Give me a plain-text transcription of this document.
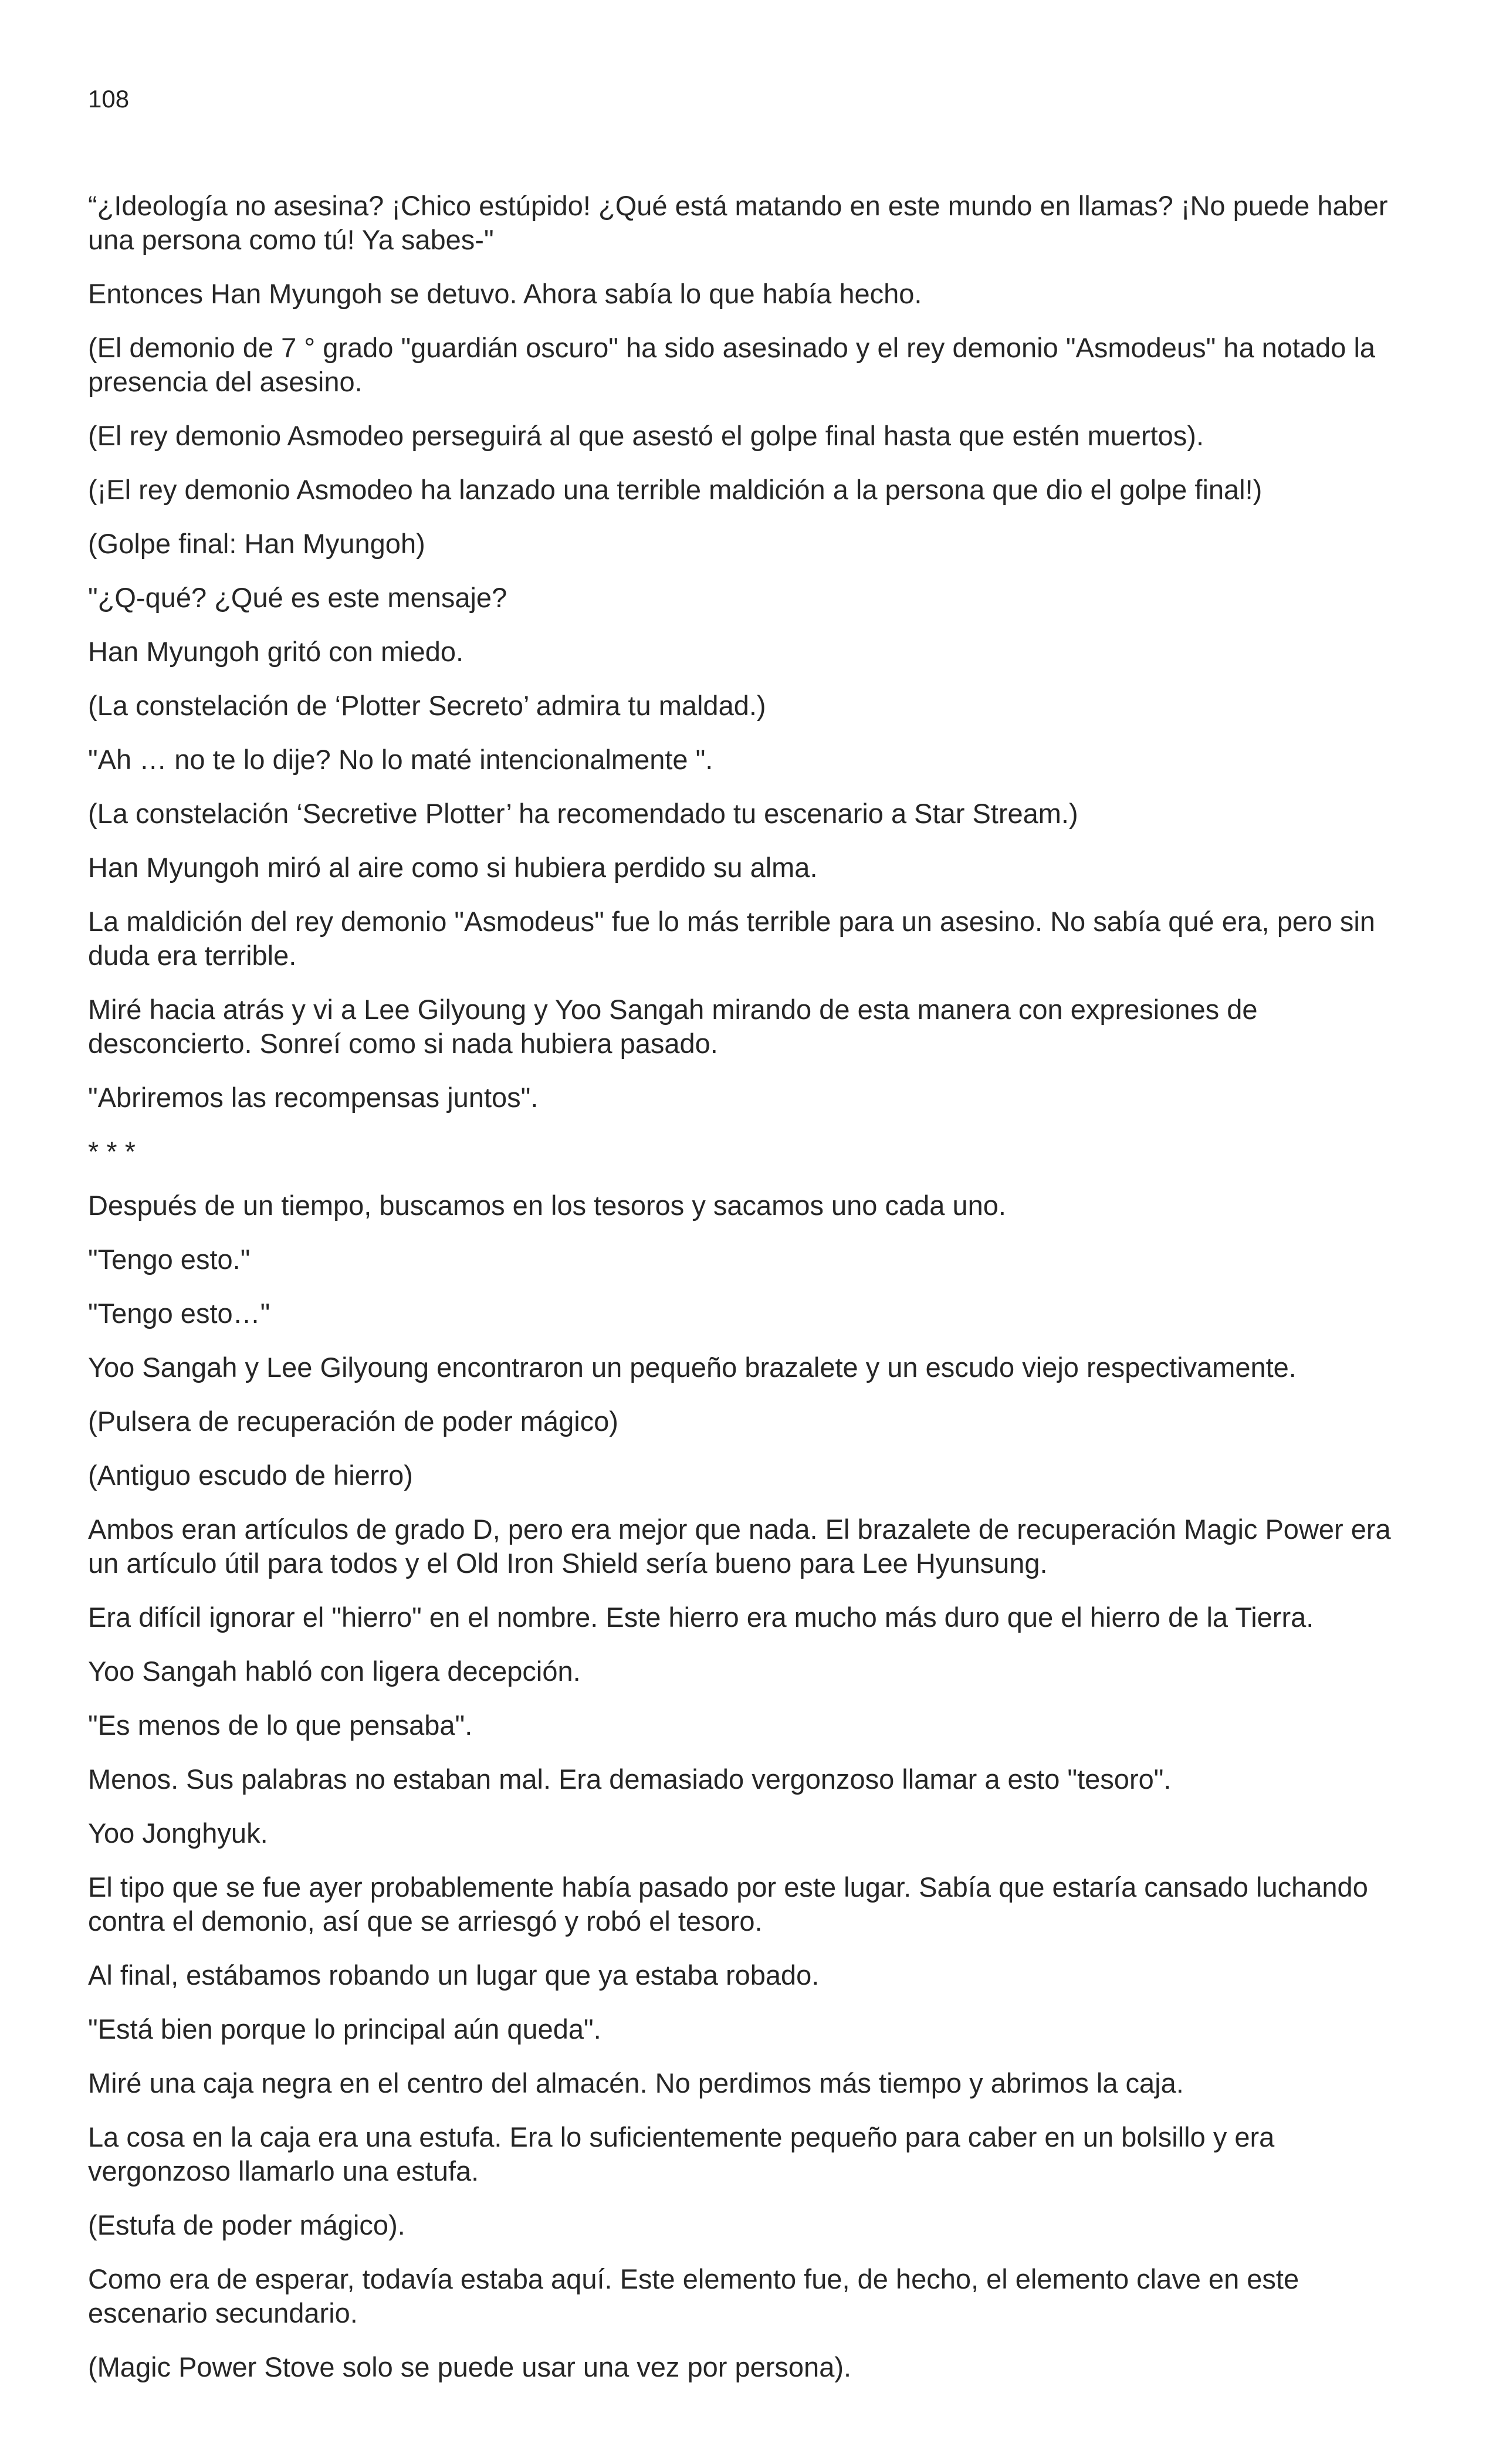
108

“¿Ideología no asesina? ¡Chico estúpido! ¿Qué está matando en este mundo en llamas? ¡No puede haber una persona como tú! Ya sabes-"

Entonces Han Myungoh se detuvo. Ahora sabía lo que había hecho.

(El demonio de 7 ° grado "guardián oscuro" ha sido asesinado y el rey demonio "Asmodeus" ha notado la presencia del asesino.

(El rey demonio Asmodeo perseguirá al que asestó el golpe final hasta que estén muertos).

(¡El rey demonio Asmodeo ha lanzado una terrible maldición a la persona que dio el golpe final!)

(Golpe final: Han Myungoh)

"¿Q-qué? ¿Qué es este mensaje?

Han Myungoh gritó con miedo.

(La constelación de ‘Plotter Secreto’ admira tu maldad.)

"Ah … no te lo dije? No lo maté intencionalmente ".

(La constelación ‘Secretive Plotter’ ha recomendado tu escenario a Star Stream.)

Han Myungoh miró al aire como si hubiera perdido su alma.

La maldición del rey demonio "Asmodeus" fue lo más terrible para un asesino. No sabía qué era, pero sin duda era terrible.

Miré hacia atrás y vi a Lee Gilyoung y Yoo Sangah mirando de esta manera con expresiones de desconcierto. Sonreí como si nada hubiera pasado.

"Abriremos las recompensas juntos".

* * *

Después de un tiempo, buscamos en los tesoros y sacamos uno cada uno.

"Tengo esto."

"Tengo esto…"

Yoo Sangah y Lee Gilyoung encontraron un pequeño brazalete y un escudo viejo respectivamente.

(Pulsera de recuperación de poder mágico)

(Antiguo escudo de hierro)

Ambos eran artículos de grado D, pero era mejor que nada. El brazalete de recuperación Magic Power era un artículo útil para todos y el Old Iron Shield sería bueno para Lee Hyunsung.

Era difícil ignorar el "hierro" en el nombre. Este hierro era mucho más duro que el hierro de la Tierra.

Yoo Sangah habló con ligera decepción.

"Es menos de lo que pensaba".

Menos. Sus palabras no estaban mal. Era demasiado vergonzoso llamar a esto "tesoro".

Yoo Jonghyuk.

El tipo que se fue ayer probablemente había pasado por este lugar. Sabía que estaría cansado luchando contra el demonio, así que se arriesgó y robó el tesoro.

Al final, estábamos robando un lugar que ya estaba robado.

"Está bien porque lo principal aún queda".

Miré una caja negra en el centro del almacén. No perdimos más tiempo y abrimos la caja.

La cosa en la caja era una estufa. Era lo suficientemente pequeño para caber en un bolsillo y era vergonzoso llamarlo una estufa.

(Estufa de poder mágico).

Como era de esperar, todavía estaba aquí. Este elemento fue, de hecho, el elemento clave en este escenario secundario.

(Magic Power Stove solo se puede usar una vez por persona).
